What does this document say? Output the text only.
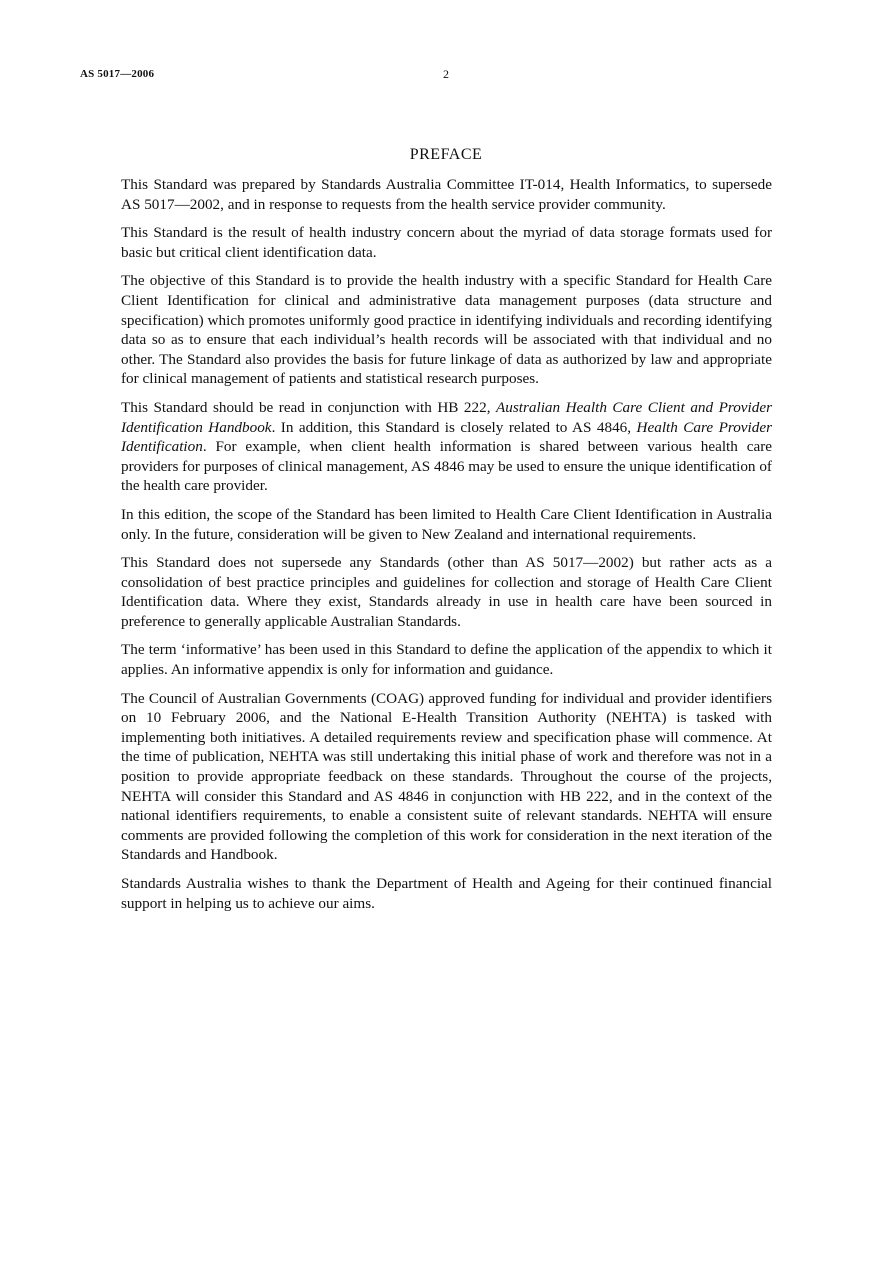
AS 5017—2006	2
PREFACE

This Standard was prepared by Standards Australia Committee IT-014, Health Informatics, to supersede AS 5017—2002, and in response to requests from the health service provider community.

This Standard is the result of health industry concern about the myriad of data storage formats used for basic but critical client identification data.

The objective of this Standard is to provide the health industry with a specific Standard for Health Care Client Identification for clinical and administrative data management purposes (data structure and specification) which promotes uniformly good practice in identifying individuals and recording identifying data so as to ensure that each individual’s health records will be associated with that individual and no other. The Standard also provides the basis for future linkage of data as authorized by law and appropriate for clinical management of patients and statistical research purposes.

This Standard should be read in conjunction with HB 222, Australian Health Care Client and Provider Identification Handbook. In addition, this Standard is closely related to AS 4846, Health Care Provider Identification. For example, when client health information is shared between various health care providers for purposes of clinical management, AS 4846 may be used to ensure the unique identification of the health care provider.

In this edition, the scope of the Standard has been limited to Health Care Client Identification in Australia only. In the future, consideration will be given to New Zealand and international requirements.

This Standard does not supersede any Standards (other than AS 5017—2002) but rather acts as a consolidation of best practice principles and guidelines for collection and storage of Health Care Client Identification data. Where they exist, Standards already in use in health care have been sourced in preference to generally applicable Australian Standards.

The term ‘informative’ has been used in this Standard to define the application of the appendix to which it applies. An informative appendix is only for information and guidance.

The Council of Australian Governments (COAG) approved funding for individual and provider identifiers on 10 February 2006, and the National E-Health Transition Authority (NEHTA) is tasked with implementing both initiatives. A detailed requirements review and specification phase will commence. At the time of publication, NEHTA was still undertaking this initial phase of work and therefore was not in a position to provide appropriate feedback on these standards. Throughout the course of the projects, NEHTA will consider this Standard and AS 4846 in conjunction with HB 222, and in the context of the national identifiers requirements, to enable a consistent suite of relevant standards. NEHTA will ensure comments are provided following the completion of this work for consideration in the next iteration of the Standards and Handbook.

Standards Australia wishes to thank the Department of Health and Ageing for their continued financial support in helping us to achieve our aims.
